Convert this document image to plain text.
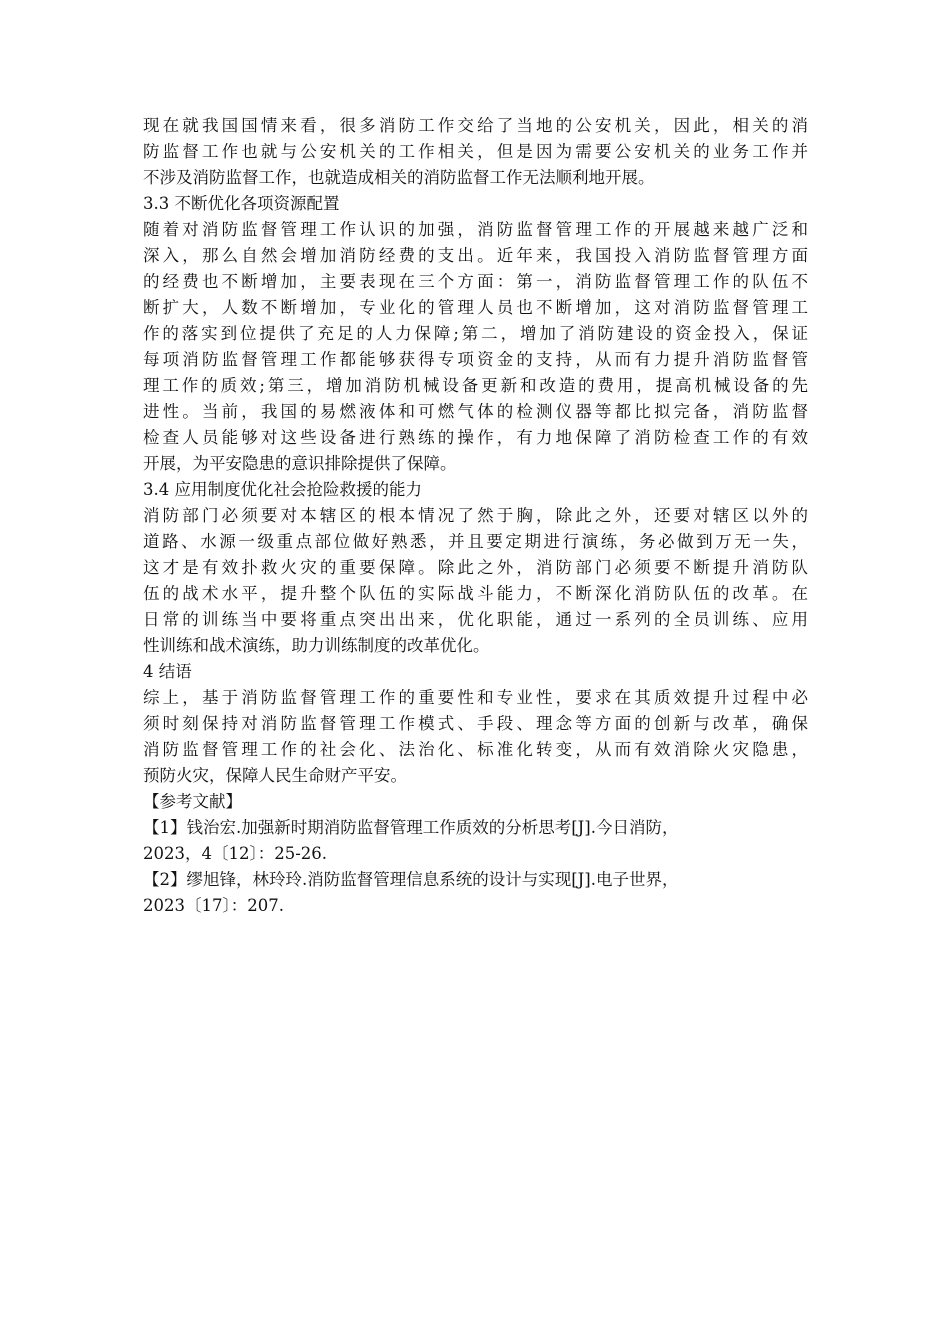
现在就我国国情来看，很多消防工作交给了当地的公安机关，因此，相关的消
防监督工作也就与公安机关的工作相关，但是因为需要公安机关的业务工作并
不涉及消防监督工作，也就造成相关的消防监督工作无法顺利地开展。
3.3 不断优化各项资源配置
随着对消防监督管理工作认识的加强，消防监督管理工作的开展越来越广泛和
深入，那么自然会增加消防经费的支出。近年来，我国投入消防监督管理方面
的经费也不断增加，主要表现在三个方面：第一，消防监督管理工作的队伍不
断扩大，人数不断增加，专业化的管理人员也不断增加，这对消防监督管理工
作的落实到位提供了充足的人力保障;第二，增加了消防建设的资金投入，保证
每项消防监督管理工作都能够获得专项资金的支持，从而有力提升消防监督管
理工作的质效;第三，增加消防机械设备更新和改造的费用，提高机械设备的先
进性。当前，我国的易燃液体和可燃气体的检测仪器等都比拟完备，消防监督
检查人员能够对这些设备进行熟练的操作，有力地保障了消防检查工作的有效
开展，为平安隐患的意识排除提供了保障。
3.4 应用制度优化社会抢险救援的能力
消防部门必须要对本辖区的根本情况了然于胸，除此之外，还要对辖区以外的
道路、水源一级重点部位做好熟悉，并且要定期进行演练，务必做到万无一失，
这才是有效扑救火灾的重要保障。除此之外，消防部门必须要不断提升消防队
伍的战术水平，提升整个队伍的实际战斗能力，不断深化消防队伍的改革。在
日常的训练当中要将重点突出出来，优化职能，通过一系列的全员训练、应用
性训练和战术演练，助力训练制度的改革优化。
4 结语
综上，基于消防监督管理工作的重要性和专业性，要求在其质效提升过程中必
须时刻保持对消防监督管理工作模式、手段、理念等方面的创新与改革，确保
消防监督管理工作的社会化、法治化、标准化转变，从而有效消除火灾隐患，
预防火灾，保障人民生命财产平安。
【参考文献】
【1】钱治宏.加强新时期消防监督管理工作质效的分析思考[J].今日消防，
2023，4〔12〕：25-26.
【2】缪旭锋，林玲玲.消防监督管理信息系统的设计与实现[J].电子世界，
2023〔17〕：207.
